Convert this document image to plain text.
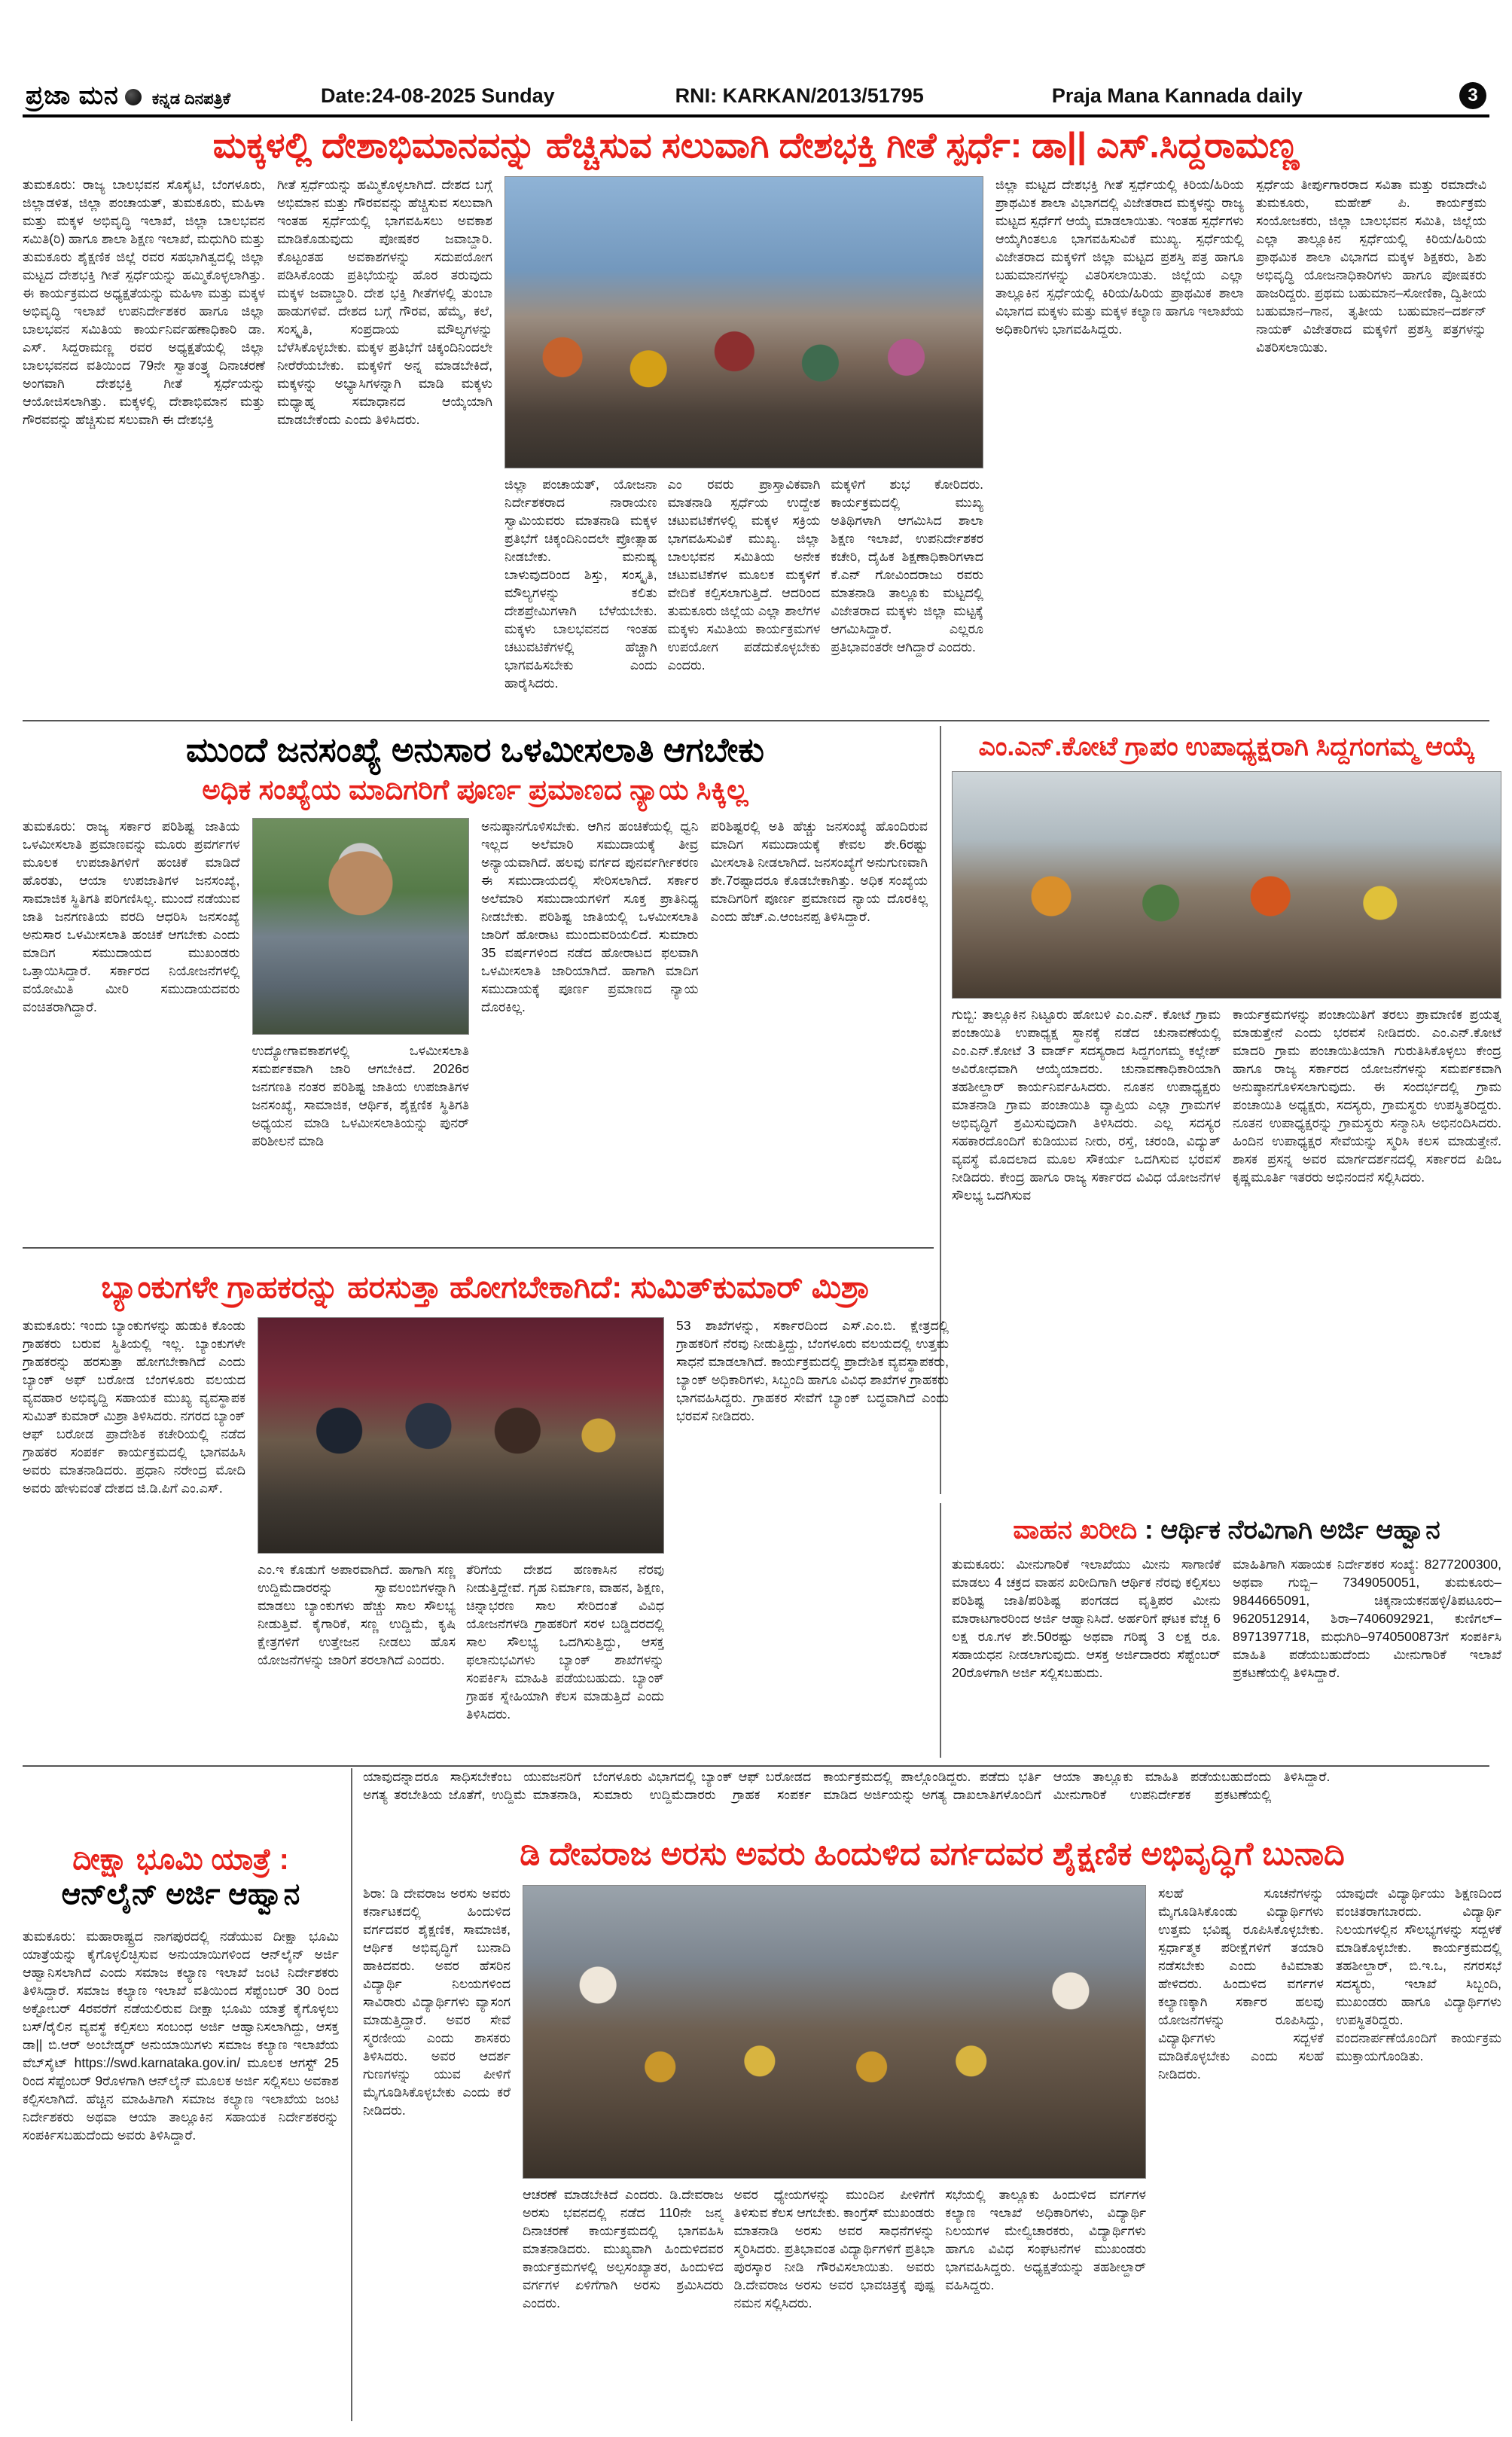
ಪ್ರಜಾ ಮನ ಕನ್ನಡ ದಿನಪತ್ರಿಕೆ	Date:24-08-2025 Sunday	RNI: KARKAN/2013/51795	Praja Mana Kannada daily	3
ಮಕ್ಕಳಲ್ಲಿ ದೇಶಾಭಿಮಾನವನ್ನು ಹೆಚ್ಚಿಸುವ ಸಲುವಾಗಿ ದೇಶಭಕ್ತಿ ಗೀತೆ ಸ್ಪರ್ಧೆ: ಡಾ|| ಎಸ್.ಸಿದ್ದರಾಮಣ್ಣ
ತುಮಕೂರು: ರಾಜ್ಯ ಬಾಲಭವನ ಸೊಸೈಟಿ, ಬೆಂಗಳೂರು, ಜಿಲ್ಲಾಡಳಿತ, ಜಿಲ್ಲಾ ಪಂಚಾಯತ್, ತುಮಕೂರು, ಮಹಿಳಾ ಮತ್ತು ಮಕ್ಕಳ ಅಭಿವೃದ್ಧಿ ಇಲಾಖೆ, ಜಿಲ್ಲಾ ಬಾಲಭವನ ಸಮಿತಿ(ರಿ) ಹಾಗೂ ಶಾಲಾ ಶಿಕ್ಷಣ ಇಲಾಖೆ, ಮಧುಗಿರಿ ಮತ್ತು ತುಮಕೂರು ಶೈಕ್ಷಣಿಕ ಜಿಲ್ಲೆ ರವರ ಸಹಭಾಗಿತ್ವದಲ್ಲಿ ಜಿಲ್ಲಾ ಮಟ್ಟದ ದೇಶಭಕ್ತಿ ಗೀತೆ ಸ್ಪರ್ಧೆಯನ್ನು ಹಮ್ಮಿಕೊಳ್ಳಲಾಗಿತ್ತು. ಈ ಕಾರ್ಯಕ್ರಮದ ಅಧ್ಯಕ್ಷತೆಯನ್ನು ಮಹಿಳಾ ಮತ್ತು ಮಕ್ಕಳ ಅಭಿವೃದ್ಧಿ ಇಲಾಖೆ ಉಪನಿರ್ದೇಶಕರ ಹಾಗೂ ಜಿಲ್ಲಾ ಬಾಲಭವನ ಸಮಿತಿಯ ಕಾರ್ಯನಿರ್ವಹಣಾಧಿಕಾರಿ ಡಾ. ಎಸ್. ಸಿದ್ದರಾಮಣ್ಣ ರವರ ಅಧ್ಯಕ್ಷತೆಯಲ್ಲಿ ಜಿಲ್ಲಾ ಬಾಲಭವನದ ವತಿಯಿಂದ 79ನೇ ಸ್ವಾತಂತ್ರ್ಯ ದಿನಾಚರಣೆ ಅಂಗವಾಗಿ ದೇಶಭಕ್ತಿ ಗೀತೆ ಸ್ಪರ್ಧೆಯನ್ನು ಆಯೋಜಿಸಲಾಗಿತ್ತು. ಮಕ್ಕಳಲ್ಲಿ ದೇಶಾಭಿಮಾನ ಮತ್ತು ಗೌರವವನ್ನು ಹೆಚ್ಚಿಸುವ ಸಲುವಾಗಿ ಈ ದೇಶಭಕ್ತಿ
ಗೀತೆ ಸ್ಪರ್ಧೆಯನ್ನು ಹಮ್ಮಿಕೊಳ್ಳಲಾಗಿದೆ. ದೇಶದ ಬಗ್ಗೆ ಅಭಿಮಾನ ಮತ್ತು ಗೌರವವನ್ನು ಹೆಚ್ಚಿಸುವ ಸಲುವಾಗಿ ಇಂತಹ ಸ್ಪರ್ಧೆಯಲ್ಲಿ ಭಾಗವಹಿಸಲು ಅವಕಾಶ ಮಾಡಿಕೊಡುವುದು ಪೋಷಕರ ಜವಾಬ್ದಾರಿ. ಕೊಟ್ಟಂತಹ ಅವಕಾಶಗಳನ್ನು ಸದುಪಯೋಗ ಪಡಿಸಿಕೊಂಡು ಪ್ರತಿಭೆಯನ್ನು ಹೊರ ತರುವುದು ಮಕ್ಕಳ ಜವಾಬ್ದಾರಿ. ದೇಶ ಭಕ್ತಿ ಗೀತೆಗಳಲ್ಲಿ ತುಂಬಾ ಹಾಡುಗಳಿವೆ. ದೇಶದ ಬಗ್ಗೆ ಗೌರವ, ಹೆಮ್ಮೆ, ಕಲೆ, ಸಂಸ್ಕೃತಿ, ಸಂಪ್ರದಾಯ ಮೌಲ್ಯಗಳನ್ನು ಬೆಳೆಸಿಕೊಳ್ಳಬೇಕು. ಮಕ್ಕಳ ಪ್ರತಿಭೆಗೆ ಚಿಕ್ಕಂದಿನಿಂದಲೇ ನೀರೆರೆಯಬೇಕು. ಮಕ್ಕಳಿಗೆ ಅನ್ನ ಮಾಡಬೇಕಿದೆ, ಮಕ್ಕಳನ್ನು ಅಭ್ಯಾಸಿಗಳನ್ನಾಗಿ ಮಾಡಿ ಮಕ್ಕಳು ಮಧ್ಯಾಹ್ನ ಸಮಾಧಾನದ ಆಯ್ಕೆಯಾಗಿ ಮಾಡಬೇಕೆಂದು ಎಂದು ತಿಳಿಸಿದರು.
ಜಿಲ್ಲಾ ಪಂಚಾಯತ್, ಯೋಜನಾ ನಿರ್ದೇಶಕರಾದ ನಾರಾಯಣ ಸ್ವಾಮಿಯವರು ಮಾತನಾಡಿ ಮಕ್ಕಳ ಪ್ರತಿಭೆಗೆ ಚಿಕ್ಕಂದಿನಿಂದಲೇ ಪ್ರೋತ್ಸಾಹ ನೀಡಬೇಕು. ಮನುಷ್ಯ ಬಾಳುವುದರಿಂದ ಶಿಸ್ತು, ಸಂಸ್ಕೃತಿ, ಮೌಲ್ಯಗಳನ್ನು ಕಲಿತು ದೇಶಪ್ರೇಮಿಗಳಾಗಿ ಬೆಳೆಯಬೇಕು. ಮಕ್ಕಳು ಬಾಲಭವನದ ಇಂತಹ ಚಟುವಟಿಕೆಗಳಲ್ಲಿ ಹೆಚ್ಚಾಗಿ ಭಾಗವಹಿಸಬೇಕು ಎಂದು ಹಾರೈಸಿದರು.
ಎಂ ರವರು ಪ್ರಾಸ್ತಾವಿಕವಾಗಿ ಮಾತನಾಡಿ ಸ್ಪರ್ಧೆಯ ಉದ್ದೇಶ ಚಟುವಟಿಕೆಗಳಲ್ಲಿ ಮಕ್ಕಳ ಸಕ್ರಿಯ ಭಾಗವಹಿಸುವಿಕೆ ಮುಖ್ಯ. ಜಿಲ್ಲಾ ಬಾಲಭವನ ಸಮಿತಿಯ ಅನೇಕ ಚಟುವಟಿಕೆಗಳ ಮೂಲಕ ಮಕ್ಕಳಿಗೆ ವೇದಿಕೆ ಕಲ್ಪಿಸಲಾಗುತ್ತಿದೆ. ಆದರಿಂದ ತುಮಕೂರು ಜಿಲ್ಲೆಯ ಎಲ್ಲಾ ಶಾಲೆಗಳ ಮಕ್ಕಳು ಸಮಿತಿಯ ಕಾರ್ಯಕ್ರಮಗಳ ಉಪಯೋಗ ಪಡೆದುಕೊಳ್ಳಬೇಕು ಎಂದರು.
ಮಕ್ಕಳಿಗೆ ಶುಭ ಕೋರಿದರು. ಕಾರ್ಯಕ್ರಮದಲ್ಲಿ ಮುಖ್ಯ ಅತಿಥಿಗಳಾಗಿ ಆಗಮಿಸಿದ ಶಾಲಾ ಶಿಕ್ಷಣ ಇಲಾಖೆ, ಉಪನಿರ್ದೇಶಕರ ಕಚೇರಿ, ದೈಹಿಕ ಶಿಕ್ಷಣಾಧಿಕಾರಿಗಳಾದ ಕೆ.ಎನ್ ಗೋವಿಂದರಾಜು ರವರು ಮಾತನಾಡಿ ತಾಲ್ಲೂಕು ಮಟ್ಟದಲ್ಲಿ ವಿಜೇತರಾದ ಮಕ್ಕಳು ಜಿಲ್ಲಾ ಮಟ್ಟಕ್ಕೆ ಆಗಮಿಸಿದ್ದಾರೆ. ಎಲ್ಲರೂ ಪ್ರತಿಭಾವಂತರೇ ಆಗಿದ್ದಾರೆ ಎಂದರು.
ಜಿಲ್ಲಾ ಮಟ್ಟದ ದೇಶಭಕ್ತಿ ಗೀತೆ ಸ್ಪರ್ಧೆಯಲ್ಲಿ ಕಿರಿಯ/ಹಿರಿಯ ಪ್ರಾಥಮಿಕ ಶಾಲಾ ವಿಭಾಗದಲ್ಲಿ ವಿಜೇತರಾದ ಮಕ್ಕಳನ್ನು ರಾಜ್ಯ ಮಟ್ಟದ ಸ್ಪರ್ಧೆಗೆ ಆಯ್ಕೆ ಮಾಡಲಾಯಿತು. ಇಂತಹ ಸ್ಪರ್ಧೆಗಳು ಆಯ್ಕೆಗಿಂತಲೂ ಭಾಗವಹಿಸುವಿಕೆ ಮುಖ್ಯ. ಸ್ಪರ್ಧೆಯಲ್ಲಿ ವಿಜೇತರಾದ ಮಕ್ಕಳಿಗೆ ಜಿಲ್ಲಾ ಮಟ್ಟದ ಪ್ರಶಸ್ತಿ ಪತ್ರ ಹಾಗೂ ಬಹುಮಾನಗಳನ್ನು ವಿತರಿಸಲಾಯಿತು. ಜಿಲ್ಲೆಯ ಎಲ್ಲಾ ತಾಲ್ಲೂಕಿನ ಸ್ಪರ್ಧೆಯಲ್ಲಿ ಕಿರಿಯ/ಹಿರಿಯ ಪ್ರಾಥಮಿಕ ಶಾಲಾ ವಿಭಾಗದ ಮಕ್ಕಳು ಮತ್ತು ಮಕ್ಕಳ ಕಲ್ಯಾಣ ಹಾಗೂ ಇಲಾಖೆಯ ಅಧಿಕಾರಿಗಳು ಭಾಗವಹಿಸಿದ್ದರು.
ಸ್ಪರ್ಧೆಯ ತೀರ್ಪುಗಾರರಾದ ಸವಿತಾ ಮತ್ತು ರಮಾದೇವಿ ತುಮಕೂರು, ಮಹೇಶ್ ಪಿ. ಕಾರ್ಯಕ್ರಮ ಸಂಯೋಜಕರು, ಜಿಲ್ಲಾ ಬಾಲಭವನ ಸಮಿತಿ, ಜಿಲ್ಲೆಯ ಎಲ್ಲಾ ತಾಲ್ಲೂಕಿನ ಸ್ಪರ್ಧೆಯಲ್ಲಿ ಕಿರಿಯ/ಹಿರಿಯ ಪ್ರಾಥಮಿಕ ಶಾಲಾ ವಿಭಾಗದ ಮಕ್ಕಳ ಶಿಕ್ಷಕರು, ಶಿಶು ಅಭಿವೃದ್ಧಿ ಯೋಜನಾಧಿಕಾರಿಗಳು ಹಾಗೂ ಪೋಷಕರು ಹಾಜರಿದ್ದರು. ಪ್ರಥಮ ಬಹುಮಾನ–ಸೋಣಿಕಾ, ದ್ವಿತೀಯ ಬಹುಮಾನ–ಗಾನ, ತೃತೀಯ ಬಹುಮಾನ–ದರ್ಶನ್ ನಾಯಕ್ ವಿಜೇತರಾದ ಮಕ್ಕಳಿಗೆ ಪ್ರಶಸ್ತಿ ಪತ್ರಗಳನ್ನು ವಿತರಿಸಲಾಯಿತು.
ಮುಂದೆ ಜನಸಂಖ್ಯೆ ಅನುಸಾರ ಒಳಮೀಸಲಾತಿ ಆಗಬೇಕು
ಅಧಿಕ ಸಂಖ್ಯೆಯ ಮಾದಿಗರಿಗೆ ಪೂರ್ಣ ಪ್ರಮಾಣದ ನ್ಯಾಯ ಸಿಕ್ಕಿಲ್ಲ
ತುಮಕೂರು: ರಾಜ್ಯ ಸರ್ಕಾರ ಪರಿಶಿಷ್ಟ ಜಾತಿಯ ಒಳಮೀಸಲಾತಿ ಪ್ರಮಾಣವನ್ನು ಮೂರು ಪ್ರವರ್ಗಗಳ ಮೂಲಕ ಉಪಜಾತಿಗಳಿಗೆ ಹಂಚಿಕೆ ಮಾಡಿದೆ ಹೊರತು, ಆಯಾ ಉಪಜಾತಿಗಳ ಜನಸಂಖ್ಯೆ, ಸಾಮಾಜಿಕ ಸ್ಥಿತಿಗತಿ ಪರಿಗಣಿಸಿಲ್ಲ. ಮುಂದೆ ನಡೆಯುವ ಜಾತಿ ಜನಗಣತಿಯ ವರದಿ ಆಧರಿಸಿ ಜನಸಂಖ್ಯೆ ಅನುಸಾರ ಒಳಮೀಸಲಾತಿ ಹಂಚಿಕೆ ಆಗಬೇಕು ಎಂದು ಮಾದಿಗ ಸಮುದಾಯದ ಮುಖಂಡರು ಒತ್ತಾಯಿಸಿದ್ದಾರೆ. ಸರ್ಕಾರದ ನಿಯೋಜನೆಗಳಲ್ಲಿ ವಯೋಮಿತಿ ಮೀರಿ ಸಮುದಾಯದವರು ವಂಚಿತರಾಗಿದ್ದಾರೆ.
ಉದ್ಯೋಗಾವಕಾಶಗಳಲ್ಲಿ ಒಳಮೀಸಲಾತಿ ಸಮರ್ಪಕವಾಗಿ ಜಾರಿ ಆಗಬೇಕಿದೆ. 2026ರ ಜನಗಣತಿ ನಂತರ ಪರಿಶಿಷ್ಟ ಜಾತಿಯ ಉಪಜಾತಿಗಳ ಜನಸಂಖ್ಯೆ, ಸಾಮಾಜಿಕ, ಆರ್ಥಿಕ, ಶೈಕ್ಷಣಿಕ ಸ್ಥಿತಿಗತಿ ಅಧ್ಯಯನ ಮಾಡಿ ಒಳಮೀಸಲಾತಿಯನ್ನು ಪುನರ್ ಪರಿಶೀಲನೆ ಮಾಡಿ
ಅನುಷ್ಠಾನಗೊಳಿಸಬೇಕು. ಆಗಿನ ಹಂಚಿಕೆಯಲ್ಲಿ ಧ್ವನಿ ಇಲ್ಲದ ಅಲೆಮಾರಿ ಸಮುದಾಯಕ್ಕೆ ತೀವ್ರ ಅನ್ಯಾಯವಾಗಿದೆ. ಹಲವು ವರ್ಗದ ಪುನರ್ವರ್ಗೀಕರಣ ಈ ಸಮುದಾಯದಲ್ಲಿ ಸೇರಿಸಲಾಗಿದೆ. ಸರ್ಕಾರ ಅಲೆಮಾರಿ ಸಮುದಾಯಗಳಿಗೆ ಸೂಕ್ತ ಪ್ರಾತಿನಿಧ್ಯ ನೀಡಬೇಕು. ಪರಿಶಿಷ್ಟ ಜಾತಿಯಲ್ಲಿ ಒಳಮೀಸಲಾತಿ ಜಾರಿಗೆ ಹೋರಾಟ ಮುಂದುವರಿಯಲಿದೆ. ಸುಮಾರು 35 ವರ್ಷಗಳಿಂದ ನಡೆದ ಹೋರಾಟದ ಫಲವಾಗಿ ಒಳಮೀಸಲಾತಿ ಜಾರಿಯಾಗಿದೆ. ಹಾಗಾಗಿ ಮಾದಿಗ ಸಮುದಾಯಕ್ಕೆ ಪೂರ್ಣ ಪ್ರಮಾಣದ ನ್ಯಾಯ ದೊರಕಿಲ್ಲ.
ಪರಿಶಿಷ್ಟರಲ್ಲಿ ಅತಿ ಹೆಚ್ಚು ಜನಸಂಖ್ಯೆ ಹೊಂದಿರುವ ಮಾದಿಗ ಸಮುದಾಯಕ್ಕೆ ಕೇವಲ ಶೇ.6ರಷ್ಟು ಮೀಸಲಾತಿ ನೀಡಲಾಗಿದೆ. ಜನಸಂಖ್ಯೆಗೆ ಅನುಗುಣವಾಗಿ ಶೇ.7ರಷ್ಟಾದರೂ ಕೊಡಬೇಕಾಗಿತ್ತು. ಅಧಿಕ ಸಂಖ್ಯೆಯ ಮಾದಿಗರಿಗೆ ಪೂರ್ಣ ಪ್ರಮಾಣದ ನ್ಯಾಯ ದೊರಕಿಲ್ಲ ಎಂದು ಹೆಚ್.ಎ.ಆಂಜನಪ್ಪ ತಿಳಿಸಿದ್ದಾರೆ.
ಎಂ.ಎನ್.ಕೋಟೆ ಗ್ರಾಪಂ ಉಪಾಧ್ಯಕ್ಷರಾಗಿ ಸಿದ್ದಗಂಗಮ್ಮ ಆಯ್ಕೆ
ಗುಬ್ಬಿ: ತಾಲ್ಲೂಕಿನ ನಿಟ್ಟೂರು ಹೋಬಳಿ ಎಂ.ಎನ್. ಕೋಟೆ ಗ್ರಾಮ ಪಂಚಾಯಿತಿ ಉಪಾಧ್ಯಕ್ಷ ಸ್ಥಾನಕ್ಕೆ ನಡೆದ ಚುನಾವಣೆಯಲ್ಲಿ ಎಂ.ಎನ್.ಕೋಟೆ 3 ವಾರ್ಡ್ ಸದಸ್ಯರಾದ ಸಿದ್ದಗಂಗಮ್ಮ ಕಲ್ಲೇಶ್ ಅವಿರೋಧವಾಗಿ ಆಯ್ಕೆಯಾದರು. ಚುನಾವಣಾಧಿಕಾರಿಯಾಗಿ ತಹಶೀಲ್ದಾರ್ ಕಾರ್ಯನಿರ್ವಹಿಸಿದರು. ನೂತನ ಉಪಾಧ್ಯಕ್ಷರು ಮಾತನಾಡಿ ಗ್ರಾಮ ಪಂಚಾಯಿತಿ ವ್ಯಾಪ್ತಿಯ ಎಲ್ಲಾ ಗ್ರಾಮಗಳ ಅಭಿವೃದ್ಧಿಗೆ ಶ್ರಮಿಸುವುದಾಗಿ ತಿಳಿಸಿದರು. ಎಲ್ಲ ಸದಸ್ಯರ ಸಹಕಾರದೊಂದಿಗೆ ಕುಡಿಯುವ ನೀರು, ರಸ್ತೆ, ಚರಂಡಿ, ವಿದ್ಯುತ್ ವ್ಯವಸ್ಥೆ ಮೊದಲಾದ ಮೂಲ ಸೌಕರ್ಯ ಒದಗಿಸುವ ಭರವಸೆ ನೀಡಿದರು. ಕೇಂದ್ರ ಹಾಗೂ ರಾಜ್ಯ ಸರ್ಕಾರದ ವಿವಿಧ ಯೋಜನೆಗಳ ಸೌಲಭ್ಯ ಒದಗಿಸುವ
ಕಾರ್ಯಕ್ರಮಗಳನ್ನು ಪಂಚಾಯಿತಿಗೆ ತರಲು ಪ್ರಾಮಾಣಿಕ ಪ್ರಯತ್ನ ಮಾಡುತ್ತೇನೆ ಎಂದು ಭರವಸೆ ನೀಡಿದರು. ಎಂ.ಎನ್.ಕೋಟೆ ಮಾದರಿ ಗ್ರಾಮ ಪಂಚಾಯಿತಿಯಾಗಿ ಗುರುತಿಸಿಕೊಳ್ಳಲು ಕೇಂದ್ರ ಹಾಗೂ ರಾಜ್ಯ ಸರ್ಕಾರದ ಯೋಜನೆಗಳನ್ನು ಸಮರ್ಪಕವಾಗಿ ಅನುಷ್ಠಾನಗೊಳಿಸಲಾಗುವುದು. ಈ ಸಂದರ್ಭದಲ್ಲಿ ಗ್ರಾಮ ಪಂಚಾಯಿತಿ ಅಧ್ಯಕ್ಷರು, ಸದಸ್ಯರು, ಗ್ರಾಮಸ್ಥರು ಉಪಸ್ಥಿತರಿದ್ದರು. ನೂತನ ಉಪಾಧ್ಯಕ್ಷರನ್ನು ಗ್ರಾಮಸ್ಥರು ಸನ್ಮಾನಿಸಿ ಅಭಿನಂದಿಸಿದರು. ಹಿಂದಿನ ಉಪಾಧ್ಯಕ್ಷರ ಸೇವೆಯನ್ನು ಸ್ಮರಿಸಿ ಕಲಸ ಮಾಡುತ್ತೇನೆ. ಶಾಸಕ ಪ್ರಸನ್ನ ಅವರ ಮಾರ್ಗದರ್ಶನದಲ್ಲಿ ಸರ್ಕಾರದ ಪಿಡಿಒ ಕೃಷ್ಣಮೂರ್ತಿ ಇತರರು ಅಭಿನಂದನೆ ಸಲ್ಲಿಸಿದರು.
ಬ್ಯಾಂಕುಗಳೇ ಗ್ರಾಹಕರನ್ನು ಹರಸುತ್ತಾ ಹೋಗಬೇಕಾಗಿದೆ: ಸುಮಿತ್‌ಕುಮಾರ್ ಮಿಶ್ರಾ
ತುಮಕೂರು: ಇಂದು ಬ್ಯಾಂಕುಗಳನ್ನು ಹುಡುಕಿ ಕೊಂಡು ಗ್ರಾಹಕರು ಬರುವ ಸ್ಥಿತಿಯಲ್ಲಿ ಇಲ್ಲ. ಬ್ಯಾಂಕುಗಳೇ ಗ್ರಾಹಕರನ್ನು ಹರಸುತ್ತಾ ಹೋಗಬೇಕಾಗಿದೆ ಎಂದು ಬ್ಯಾಂಕ್ ಅಫ್ ಬರೋಡ ಬೆಂಗಳೂರು ವಲಯದ ವ್ಯವಹಾರ ಅಭಿವೃದ್ದಿ ಸಹಾಯಕ ಮುಖ್ಯ ವ್ಯವಸ್ಥಾಪಕ ಸುಮಿತ್ ಕುಮಾರ್ ಮಿಶ್ರಾ ತಿಳಿಸಿದರು. ನಗರದ ಬ್ಯಾಂಕ್ ಆಫ್ ಬರೋಡ ಪ್ರಾದೇಶಿಕ ಕಚೇರಿಯಲ್ಲಿ ನಡೆದ ಗ್ರಾಹಕರ ಸಂಪರ್ಕ ಕಾರ್ಯಕ್ರಮದಲ್ಲಿ ಭಾಗವಹಿಸಿ ಅವರು ಮಾತನಾಡಿದರು. ಪ್ರಧಾನಿ ನರೇಂದ್ರ ಮೋದಿ ಅವರು ಹೇಳುವಂತೆ ದೇಶದ ಜಿ.ಡಿ.ಪಿಗೆ ಎಂ.ಎಸ್.
ಎಂ.ಇ ಕೊಡುಗೆ ಅಪಾರವಾಗಿದೆ. ಹಾಗಾಗಿ ಸಣ್ಣ ಉದ್ದಿಮೆದಾರರನ್ನು ಸ್ವಾವಲಂಬಿಗಳನ್ನಾಗಿ ಮಾಡಲು ಬ್ಯಾಂಕುಗಳು ಹೆಚ್ಚು ಸಾಲ ಸೌಲಭ್ಯ ನೀಡುತ್ತಿವೆ. ಕೈಗಾರಿಕೆ, ಸಣ್ಣ ಉದ್ದಿಮೆ, ಕೃಷಿ ಕ್ಷೇತ್ರಗಳಿಗೆ ಉತ್ತೇಜನ ನೀಡಲು ಹೊಸ ಯೋಜನೆಗಳನ್ನು ಜಾರಿಗೆ ತರಲಾಗಿದೆ ಎಂದರು.
ತೆರಿಗೆಯ ದೇಶದ ಹಣಕಾಸಿನ ನೆರವು ನೀಡುತ್ತಿದ್ದೇವೆ. ಗೃಹ ನಿರ್ಮಾಣ, ವಾಹನ, ಶಿಕ್ಷಣ, ಚಿನ್ನಾಭರಣ ಸಾಲ ಸೇರಿದಂತೆ ವಿವಿಧ ಯೋಜನೆಗಳಡಿ ಗ್ರಾಹಕರಿಗೆ ಸರಳ ಬಡ್ಡಿದರದಲ್ಲಿ ಸಾಲ ಸೌಲಭ್ಯ ಒದಗಿಸುತ್ತಿದ್ದು, ಆಸಕ್ತ ಫಲಾನುಭವಿಗಳು ಬ್ಯಾಂಕ್ ಶಾಖೆಗಳನ್ನು ಸಂಪರ್ಕಿಸಿ ಮಾಹಿತಿ ಪಡೆಯಬಹುದು. ಬ್ಯಾಂಕ್ ಗ್ರಾಹಕ ಸ್ನೇಹಿಯಾಗಿ ಕೆಲಸ ಮಾಡುತ್ತಿದೆ ಎಂದು ತಿಳಿಸಿದರು.
53 ಶಾಖೆಗಳನ್ನು, ಸರ್ಕಾರದಿಂದ ಎಸ್.ಎಂ.ಬಿ. ಕ್ಷೇತ್ರದಲ್ಲಿ ಗ್ರಾಹಕರಿಗೆ ನೆರವು ನೀಡುತ್ತಿದ್ದು, ಬೆಂಗಳೂರು ವಲಯದಲ್ಲಿ ಉತ್ತಮ ಸಾಧನೆ ಮಾಡಲಾಗಿದೆ. ಕಾರ್ಯಕ್ರಮದಲ್ಲಿ ಪ್ರಾದೇಶಿಕ ವ್ಯವಸ್ಥಾಪಕರು, ಬ್ಯಾಂಕ್ ಅಧಿಕಾರಿಗಳು, ಸಿಬ್ಬಂದಿ ಹಾಗೂ ವಿವಿಧ ಶಾಖೆಗಳ ಗ್ರಾಹಕರು ಭಾಗವಹಿಸಿದ್ದರು. ಗ್ರಾಹಕರ ಸೇವೆಗೆ ಬ್ಯಾಂಕ್ ಬದ್ಧವಾಗಿದೆ ಎಂದು ಭರವಸೆ ನೀಡಿದರು.
ವಾಹನ ಖರೀದಿ : ಆರ್ಥಿಕ ನೆರವಿಗಾಗಿ ಅರ್ಜಿ ಆಹ್ವಾನ
ತುಮಕೂರು: ಮೀನುಗಾರಿಕೆ ಇಲಾಖೆಯು ಮೀನು ಸಾಗಾಣಿಕೆ ಮಾಡಲು 4 ಚಕ್ರದ ವಾಹನ ಖರೀದಿಗಾಗಿ ಆರ್ಥಿಕ ನೆರವು ಕಲ್ಪಿಸಲು ಪರಿಶಿಷ್ಟ ಜಾತಿ/ಪರಿಶಿಷ್ಟ ಪಂಗಡದ ವೃತ್ತಿಪರ ಮೀನು ಮಾರಾಟಗಾರರಿಂದ ಅರ್ಜಿ ಆಹ್ವಾನಿಸಿದೆ. ಅರ್ಹರಿಗೆ ಘಟಕ ವೆಚ್ಚ 6 ಲಕ್ಷ ರೂ.ಗಳ ಶೇ.50ರಷ್ಟು ಅಥವಾ ಗರಿಷ್ಠ 3 ಲಕ್ಷ ರೂ. ಸಹಾಯಧನ ನೀಡಲಾಗುವುದು. ಆಸಕ್ತ ಅರ್ಜಿದಾರರು ಸೆಪ್ಟೆಂಬರ್ 20ರೊಳಗಾಗಿ ಅರ್ಜಿ ಸಲ್ಲಿಸಬಹುದು.
ಮಾಹಿತಿಗಾಗಿ ಸಹಾಯಕ ನಿರ್ದೇಶಕರ ಸಂಖ್ಯೆ: 8277200300, ಅಥವಾ ಗುಬ್ಬಿ– 7349050051, ತುಮಕೂರು–9844665091, ಚಿಕ್ಕನಾಯಕನಹಳ್ಳಿ/ತಿಪಟೂರು–9620512914, ಶಿರಾ–7406092921, ಕುಣಿಗಲ್–8971397718, ಮಧುಗಿರಿ–9740500873ಗೆ ಸಂಪರ್ಕಿಸಿ ಮಾಹಿತಿ ಪಡೆಯಬಹುದೆಂದು ಮೀನುಗಾರಿಕೆ ಇಲಾಖೆ ಪ್ರಕಟಣೆಯಲ್ಲಿ ತಿಳಿಸಿದ್ದಾರೆ.
ದೀಕ್ಷಾ ಭೂಮಿ ಯಾತ್ರೆ :
ಆನ್‌ಲೈನ್ ಅರ್ಜಿ ಆಹ್ವಾನ
ತುಮಕೂರು: ಮಹಾರಾಷ್ಟ್ರದ ನಾಗಪುರದಲ್ಲಿ ನಡೆಯುವ ದೀಕ್ಷಾ ಭೂಮಿ ಯಾತ್ರೆಯನ್ನು ಕೈಗೊಳ್ಳಲಿಚ್ಛಿಸುವ ಅನುಯಾಯಿಗಳಿಂದ ಆನ್‌ಲೈನ್ ಅರ್ಜಿ ಆಹ್ವಾನಿಸಲಾಗಿದೆ ಎಂದು ಸಮಾಜ ಕಲ್ಯಾಣ ಇಲಾಖೆ ಜಂಟಿ ನಿರ್ದೇಶಕರು ತಿಳಿಸಿದ್ದಾರೆ. ಸಮಾಜ ಕಲ್ಯಾಣ ಇಲಾಖೆ ವತಿಯಿಂದ ಸೆಪ್ಟೆಂಬರ್ 30 ರಿಂದ ಅಕ್ಟೋಬರ್ 4ರವರೆಗೆ ನಡೆಯಲಿರುವ ದೀಕ್ಷಾ ಭೂಮಿ ಯಾತ್ರೆ ಕೈಗೊಳ್ಳಲು ಬಸ್/ರೈಲಿನ ವ್ಯವಸ್ಥೆ ಕಲ್ಪಿಸಲು ಸಂಬಂಧ ಅರ್ಜಿ ಆಹ್ವಾನಿಸಲಾಗಿದ್ದು, ಆಸಕ್ತ ಡಾ|| ಬಿ.ಆರ್ ಅಂಬೇಡ್ಕರ್ ಅನುಯಾಯಿಗಳು ಸಮಾಜ ಕಲ್ಯಾಣ ಇಲಾಖೆಯ ವೆಬ್‌ಸೈಟ್ https://swd.karnataka.gov.in/ ಮೂಲಕ ಆಗಸ್ಟ್ 25 ರಿಂದ ಸೆಪ್ಟೆಂಬರ್ 9ರೊಳಗಾಗಿ ಆನ್‌ಲೈನ್ ಮೂಲಕ ಅರ್ಜಿ ಸಲ್ಲಿಸಲು ಅವಕಾಶ ಕಲ್ಪಿಸಲಾಗಿದೆ. ಹೆಚ್ಚಿನ ಮಾಹಿತಿಗಾಗಿ ಸಮಾಜ ಕಲ್ಯಾಣ ಇಲಾಖೆಯ ಜಂಟಿ ನಿರ್ದೇಶಕರು ಅಥವಾ ಆಯಾ ತಾಲ್ಲೂಕಿನ ಸಹಾಯಕ ನಿರ್ದೇಶಕರನ್ನು ಸಂಪರ್ಕಿಸಬಹುದೆಂದು ಅವರು ತಿಳಿಸಿದ್ದಾರೆ.
ಯಾವುದನ್ನಾದರೂ ಸಾಧಿಸಬೇಕೆಂಬ ಯುವಜನರಿಗೆ ಅಗತ್ಯ ತರಬೇತಿಯ ಜೊತೆಗೆ, ಉದ್ದಿಮೆ ಮಾತನಾಡಿ, ಬೆಂಗಳೂರು ವಿಭಾಗದಲ್ಲಿ ಬ್ಯಾಂಕ್ ಆಫ್ ಬರೋಡದ ಸುಮಾರು ಉದ್ದಿಮೆದಾರರು ಗ್ರಾಹಕ ಸಂಪರ್ಕ ಕಾರ್ಯಕ್ರಮದಲ್ಲಿ ಪಾಲ್ಗೊಂಡಿದ್ದರು. ಪಡೆದು ಭರ್ತಿ ಮಾಡಿದ ಅರ್ಜಿಯನ್ನು ಅಗತ್ಯ ದಾಖಲಾತಿಗಳೊಂದಿಗೆ ಆಯಾ ತಾಲ್ಲೂಕು ಮಾಹಿತಿ ಪಡೆಯಬಹುದೆಂದು ಮೀನುಗಾರಿಕೆ ಉಪನಿರ್ದೇಶಕ ಪ್ರಕಟಣೆಯಲ್ಲಿ ತಿಳಿಸಿದ್ದಾರೆ.
ಡಿ ದೇವರಾಜ ಅರಸು ಅವರು ಹಿಂದುಳಿದ ವರ್ಗದವರ ಶೈಕ್ಷಣಿಕ ಅಭಿವೃದ್ಧಿಗೆ ಬುನಾದಿ
ಶಿರಾ: ಡಿ ದೇವರಾಜ ಅರಸು ಅವರು ಕರ್ನಾಟಕದಲ್ಲಿ ಹಿಂದುಳಿದ ವರ್ಗದವರ ಶೈಕ್ಷಣಿಕ, ಸಾಮಾಜಿಕ, ಆರ್ಥಿಕ ಅಭಿವೃದ್ಧಿಗೆ ಬುನಾದಿ ಹಾಕಿದವರು. ಅವರ ಹೆಸರಿನ ವಿದ್ಯಾರ್ಥಿ ನಿಲಯಗಳಿಂದ ಸಾವಿರಾರು ವಿದ್ಯಾರ್ಥಿಗಳು ವ್ಯಾಸಂಗ ಮಾಡುತ್ತಿದ್ದಾರೆ. ಅವರ ಸೇವೆ ಸ್ಮರಣೀಯ ಎಂದು ಶಾಸಕರು ತಿಳಿಸಿದರು. ಅವರ ಆದರ್ಶ ಗುಣಗಳನ್ನು ಯುವ ಪೀಳಿಗೆ ಮೈಗೂಡಿಸಿಕೊಳ್ಳಬೇಕು ಎಂದು ಕರೆ ನೀಡಿದರು.
ಆಚರಣೆ ಮಾಡಬೇಕಿದೆ ಎಂದರು. ಡಿ.ದೇವರಾಜ ಅರಸು ಭವನದಲ್ಲಿ ನಡೆದ 110ನೇ ಜನ್ಮ ದಿನಾಚರಣೆ ಕಾರ್ಯಕ್ರಮದಲ್ಲಿ ಭಾಗವಹಿಸಿ ಮಾತನಾಡಿದರು. ಮುಖ್ಯವಾಗಿ ಹಿಂದುಳಿದವರ ಕಾರ್ಯಕ್ರಮಗಳಲ್ಲಿ ಅಲ್ಪಸಂಖ್ಯಾತರ, ಹಿಂದುಳಿದ ವರ್ಗಗಳ ಏಳಿಗೆಗಾಗಿ ಅರಸು ಶ್ರಮಿಸಿದರು ಎಂದರು.
ಅವರ ಧ್ಯೇಯಗಳನ್ನು ಮುಂದಿನ ಪೀಳಿಗೆಗೆ ತಿಳಿಸುವ ಕೆಲಸ ಆಗಬೇಕು. ಕಾಂಗ್ರೆಸ್ ಮುಖಂಡರು ಮಾತನಾಡಿ ಅರಸು ಅವರ ಸಾಧನೆಗಳನ್ನು ಸ್ಮರಿಸಿದರು. ಪ್ರತಿಭಾವಂತ ವಿದ್ಯಾರ್ಥಿಗಳಿಗೆ ಪ್ರತಿಭಾ ಪುರಸ್ಕಾರ ನೀಡಿ ಗೌರವಿಸಲಾಯಿತು. ಅವರು ಡಿ.ದೇವರಾಜ ಅರಸು ಅವರ ಭಾವಚಿತ್ರಕ್ಕೆ ಪುಷ್ಪ ನಮನ ಸಲ್ಲಿಸಿದರು.
ಸಭೆಯಲ್ಲಿ ತಾಲ್ಲೂಕು ಹಿಂದುಳಿದ ವರ್ಗಗಳ ಕಲ್ಯಾಣ ಇಲಾಖೆ ಅಧಿಕಾರಿಗಳು, ವಿದ್ಯಾರ್ಥಿ ನಿಲಯಗಳ ಮೇಲ್ವಿಚಾರಕರು, ವಿದ್ಯಾರ್ಥಿಗಳು ಹಾಗೂ ವಿವಿಧ ಸಂಘಟನೆಗಳ ಮುಖಂಡರು ಭಾಗವಹಿಸಿದ್ದರು. ಅಧ್ಯಕ್ಷತೆಯನ್ನು ತಹಶೀಲ್ದಾರ್ ವಹಿಸಿದ್ದರು.
ಸಲಹೆ ಸೂಚನೆಗಳನ್ನು ಮೈಗೂಡಿಸಿಕೊಂಡು ವಿದ್ಯಾರ್ಥಿಗಳು ಉತ್ತಮ ಭವಿಷ್ಯ ರೂಪಿಸಿಕೊಳ್ಳಬೇಕು. ಸ್ಪರ್ಧಾತ್ಮಕ ಪರೀಕ್ಷೆಗಳಿಗೆ ತಯಾರಿ ನಡೆಸಬೇಕು ಎಂದು ಕಿವಿಮಾತು ಹೇಳಿದರು. ಹಿಂದುಳಿದ ವರ್ಗಗಳ ಕಲ್ಯಾಣಕ್ಕಾಗಿ ಸರ್ಕಾರ ಹಲವು ಯೋಜನೆಗಳನ್ನು ರೂಪಿಸಿದ್ದು, ವಿದ್ಯಾರ್ಥಿಗಳು ಸದ್ಬಳಕೆ ಮಾಡಿಕೊಳ್ಳಬೇಕು ಎಂದು ಸಲಹೆ ನೀಡಿದರು.
ಯಾವುದೇ ವಿದ್ಯಾರ್ಥಿಯು ಶಿಕ್ಷಣದಿಂದ ವಂಚಿತರಾಗಬಾರದು. ವಿದ್ಯಾರ್ಥಿ ನಿಲಯಗಳಲ್ಲಿನ ಸೌಲಭ್ಯಗಳನ್ನು ಸದ್ಬಳಕೆ ಮಾಡಿಕೊಳ್ಳಬೇಕು. ಕಾರ್ಯಕ್ರಮದಲ್ಲಿ ತಹಶೀಲ್ದಾರ್, ಬಿ.ಇ.ಒ, ನಗರಸಭೆ ಸದಸ್ಯರು, ಇಲಾಖೆ ಸಿಬ್ಬಂದಿ, ಮುಖಂಡರು ಹಾಗೂ ವಿದ್ಯಾರ್ಥಿಗಳು ಉಪಸ್ಥಿತರಿದ್ದರು. ವಂದನಾರ್ಪಣೆಯೊಂದಿಗೆ ಕಾರ್ಯಕ್ರಮ ಮುಕ್ತಾಯಗೊಂಡಿತು.
